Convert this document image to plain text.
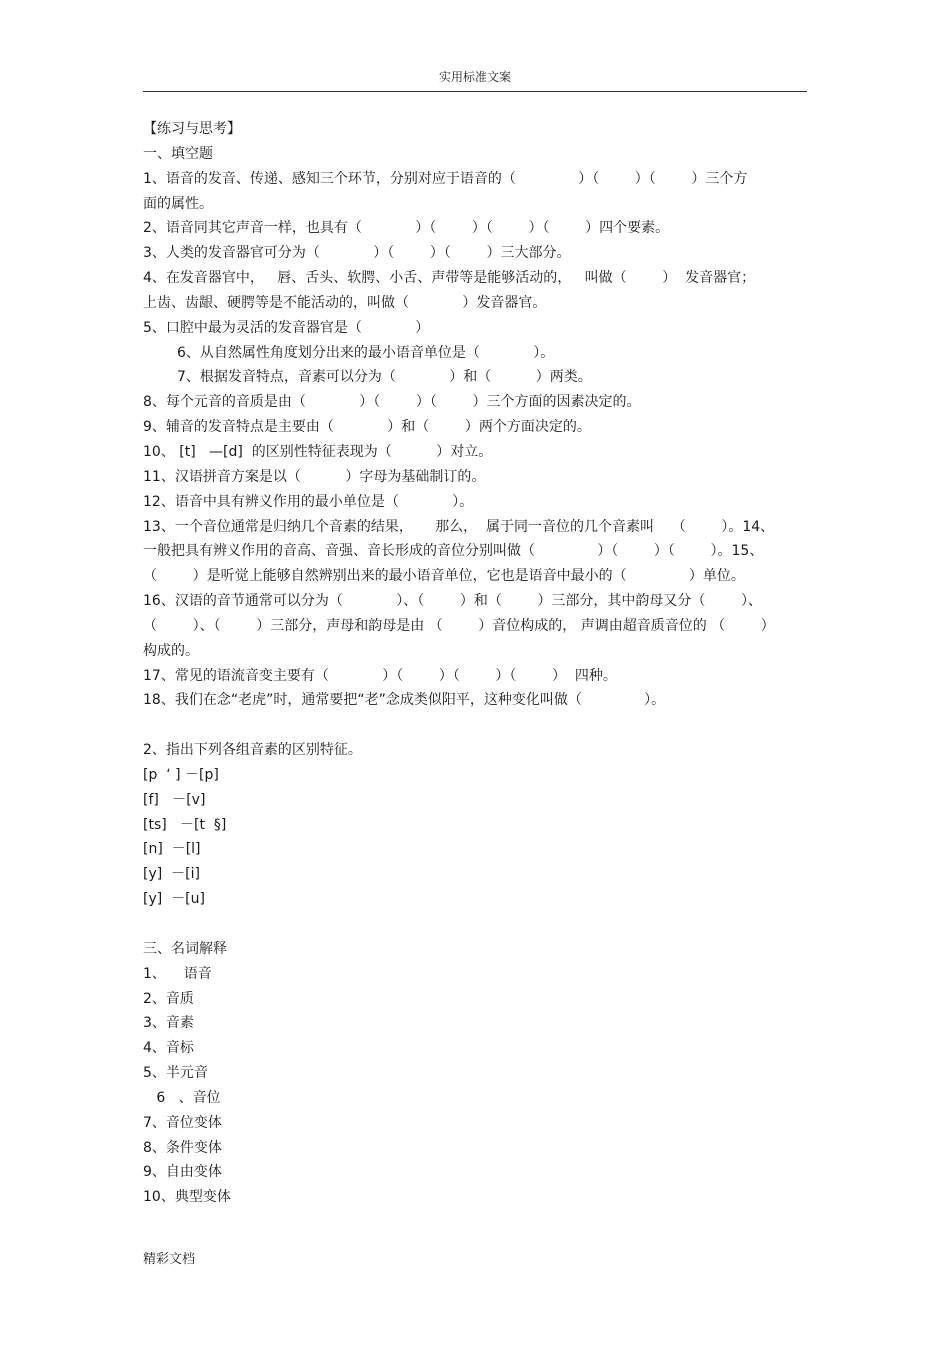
实用标准文案
【练习与思考】
一、填空题
1、语音的发音、传递、感知三个环节，分别对应于语音的（              ）（        ）（        ）三个方
面的属性。
2、语音同其它声音一样，也具有（            ）（        ）（        ）（        ）四个要素。
3、人类的发音器官可分为（            ）（        ）（        ）三大部分。
4、在发音器官中，   唇、舌头、软腭、小舌、声带等是能够活动的，   叫做（        ）  发音器官；
上齿、齿龈、硬腭等是不能活动的，叫做（            ）发音器官。
5、口腔中最为灵活的发音器官是（            ）
6、从自然属性角度划分出来的最小语音单位是（            ）。
7、根据发音特点，音素可以分为（            ）和（          ）两类。
8、每个元音的音质是由（            ）（        ）（        ）三个方面的因素决定的。
9、辅音的发音特点是主要由（            ）和（        ）两个方面决定的。
10、 [t]   —[d]  的区别性特征表现为（          ）对立。
11、汉语拼音方案是以（          ）字母为基础制订的。
12、语音中具有辨义作用的最小单位是（            ）。
13、一个音位通常是归纳几个音素的结果，     那么，  属于同一音位的几个音素叫    （        ）。14、
一般把具有辨义作用的音高、音强、音长形成的音位分别叫做（              ）（        ）（        ）。15、
（        ）是听觉上能够自然辨别出来的最小语音单位，它也是语音中最小的（              ）单位。
16、汉语的音节通常可以分为（            ）、（        ）和（        ）三部分，其中韵母又分（        ）、
（        ）、（        ）三部分，声母和韵母是由 （        ）音位构成的， 声调由超音质音位的 （        ）
构成的。
17、常见的语流音变主要有（            ）（        ）（        ）（        ）  四种。
18、我们在念“老虎”时，通常要把“老”念成类似阳平，这种变化叫做（              ）。
2、指出下列各组音素的区别特征。
[p  ‘ ] －[p]
[f]   －[v]
[ts]   －[t  §]
[n]  －[l]
[y]  －[i]
[y]  －[u]
三、名词解释
1、    语音
2、音质
3、音素
4、音标
5、半元音
6   、音位
7、音位变体
8、条件变体
9、自由变体
10、典型变体
精彩文档
